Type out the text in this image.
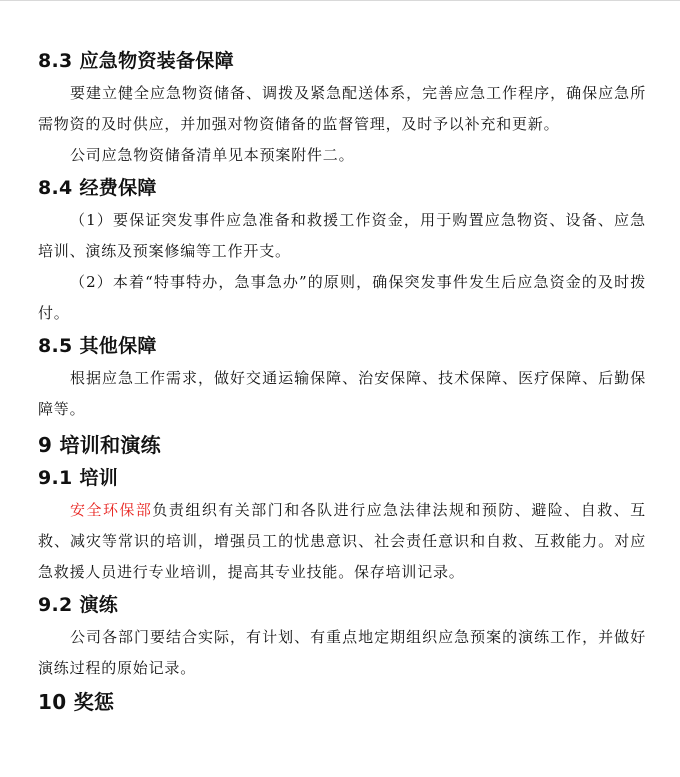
8.3 应急物资装备保障

要建立健全应急物资储备、调拨及紧急配送体系，完善应急工作程序，确保应急所需物资的及时供应，并加强对物资储备的监督管理，及时予以补充和更新。

公司应急物资储备清单见本预案附件二。

8.4 经费保障

（1）要保证突发事件应急准备和救援工作资金，用于购置应急物资、设备、应急培训、演练及预案修编等工作开支。

（2）本着“特事特办，急事急办”的原则，确保突发事件发生后应急资金的及时拨付。

8.5 其他保障

根据应急工作需求，做好交通运输保障、治安保障、技术保障、医疗保障、后勤保障等。

9 培训和演练
9.1 培训

安全环保部负责组织有关部门和各队进行应急法律法规和预防、避险、自救、互救、减灾等常识的培训，增强员工的忧患意识、社会责任意识和自救、互救能力。对应急救援人员进行专业培训，提高其专业技能。保存培训记录。

9.2 演练

公司各部门要结合实际，有计划、有重点地定期组织应急预案的演练工作，并做好演练过程的原始记录。

10 奖惩
